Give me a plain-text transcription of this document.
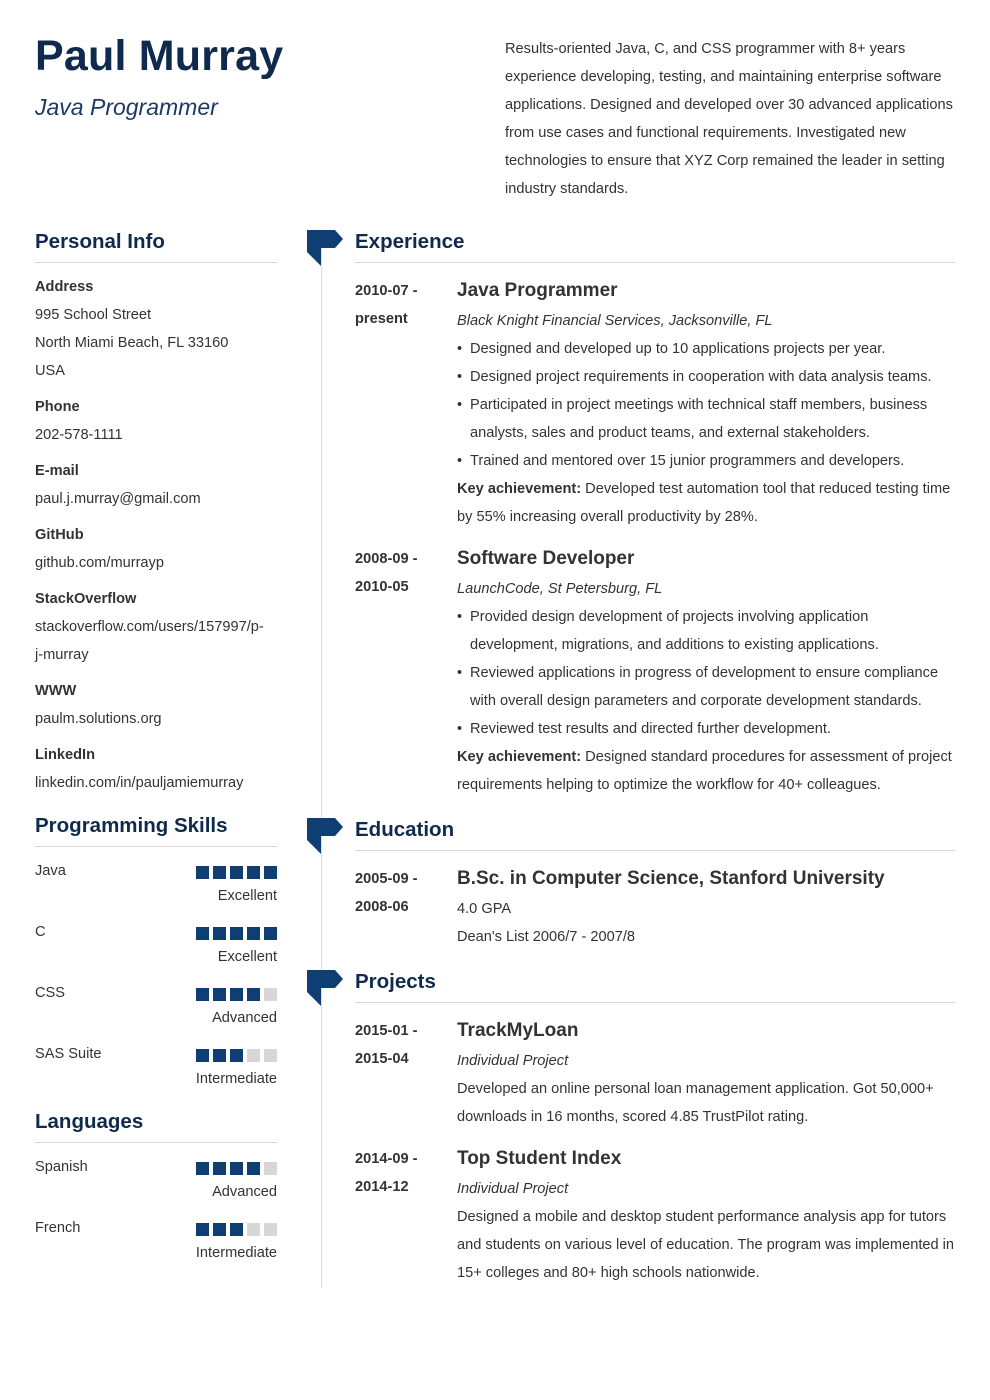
Paul Murray
Java Programmer
Results-oriented Java, C, and CSS programmer with 8+ years experience developing, testing, and maintaining enterprise software applications. Designed and developed over 30 advanced applications from use cases and functional requirements. Investigated new technologies to ensure that XYZ Corp remained the leader in setting industry standards.
Personal Info
Address
995 School Street
North Miami Beach, FL 33160
USA
Phone
202-578-1111
E-mail
paul.j.murray@gmail.com
GitHub
github.com/murrayp
StackOverflow
stackoverflow.com/users/157997/p-
j-murray
WWW
paulm.solutions.org
LinkedIn
linkedin.com/in/pauljamiemurray
Programming Skills
Java
Excellent
C
Excellent
CSS
Advanced
SAS Suite
Intermediate
Languages
Spanish
Advanced
French
Intermediate
Experience
2010-07 -
present
Java Programmer
Black Knight Financial Services, Jacksonville, FL
• Designed and developed up to 10 applications projects per year.
• Designed project requirements in cooperation with data analysis teams.
• Participated in project meetings with technical staff members, business analysts, sales and product teams, and external stakeholders.
• Trained and mentored over 15 junior programmers and developers.
Key achievement: Developed test automation tool that reduced testing time by 55% increasing overall productivity by 28%.
2008-09 -
2010-05
Software Developer
LaunchCode, St Petersburg, FL
• Provided design development of projects involving application development, migrations, and additions to existing applications.
• Reviewed applications in progress of development to ensure compliance with overall design parameters and corporate development standards.
• Reviewed test results and directed further development.
Key achievement: Designed standard procedures for assessment of project requirements helping to optimize the workflow for 40+ colleagues.
Education
2005-09 -
2008-06
B.Sc. in Computer Science, Stanford University
4.0 GPA
Dean's List 2006/7 - 2007/8
Projects
2015-01 -
2015-04
TrackMyLoan
Individual Project
Developed an online personal loan management application. Got 50,000+ downloads in 16 months, scored 4.85 TrustPilot rating.
2014-09 -
2014-12
Top Student Index
Individual Project
Designed a mobile and desktop student performance analysis app for tutors and students on various level of education. The program was implemented in 15+ colleges and 80+ high schools nationwide.
